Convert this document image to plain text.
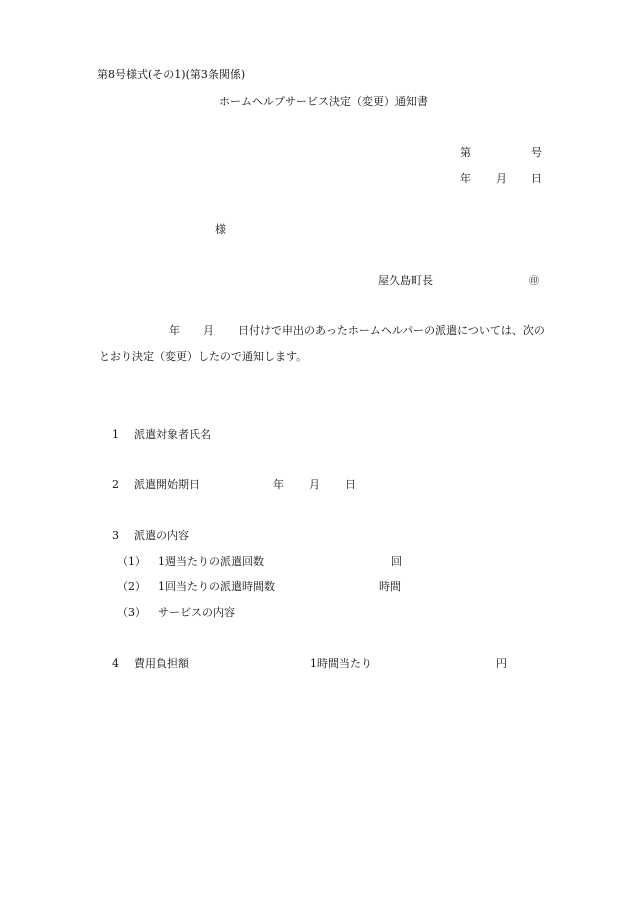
第8号様式(その1)(第3条関係)
ホームヘルプサービス決定（変更）通知書
第	号
年 月 日
様
屋久島町長	㊞
年 月 日付けで申出のあったホームヘルパーの派遣については、次の
とおり決定（変更）したので通知します。
1 派遣対象者氏名
2 派遣開始期日	年 月 日
3 派遣の内容
（1） 1週当たりの派遣回数	回
（2） 1回当たりの派遣時間数	時間
（3） サービスの内容
4 費用負担額	1時間当たり	円
